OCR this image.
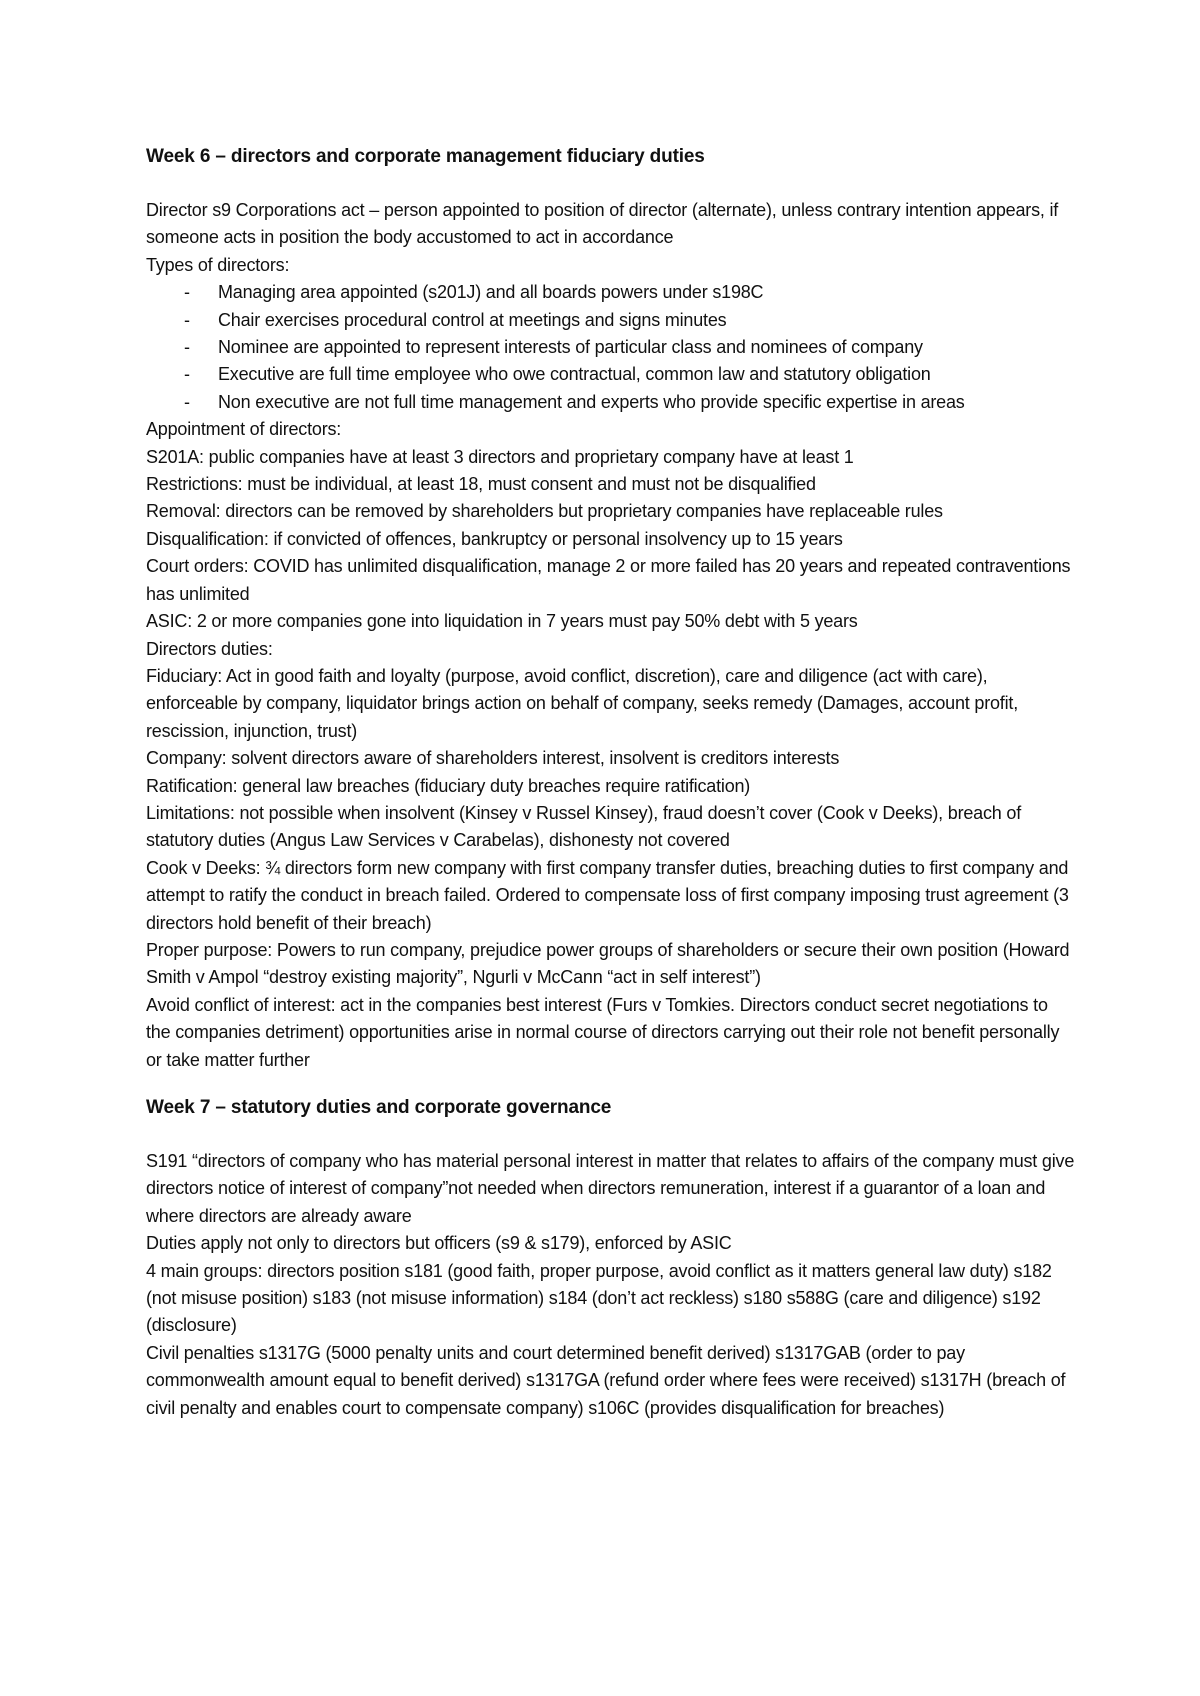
Week 6 – directors and corporate management fiduciary duties

Director s9 Corporations act – person appointed to position of director (alternate), unless contrary intention appears, if someone acts in position the body accustomed to act in accordance

Types of directors:

- Managing area appointed (s201J) and all boards powers under s198C
- Chair exercises procedural control at meetings and signs minutes
- Nominee are appointed to represent interests of particular class and nominees of company
- Executive are full time employee who owe contractual, common law and statutory obligation
- Non executive are not full time management and experts who provide specific expertise in areas

Appointment of directors:

S201A: public companies have at least 3 directors and proprietary company have at least 1

Restrictions: must be individual, at least 18, must consent and must not be disqualified

Removal: directors can be removed by shareholders but proprietary companies have replaceable rules

Disqualification: if convicted of offences, bankruptcy or personal insolvency up to 15 years

Court orders: COVID has unlimited disqualification, manage 2 or more failed has 20 years and repeated contraventions has unlimited

ASIC: 2 or more companies gone into liquidation in 7 years must pay 50% debt with 5 years

Directors duties:

Fiduciary: Act in good faith and loyalty (purpose, avoid conflict, discretion), care and diligence (act with care), enforceable by company, liquidator brings action on behalf of company, seeks remedy (Damages, account profit, rescission, injunction, trust)

Company: solvent directors aware of shareholders interest, insolvent is creditors interests

Ratification: general law breaches (fiduciary duty breaches require ratification)

Limitations: not possible when insolvent (Kinsey v Russel Kinsey), fraud doesn’t cover (Cook v Deeks), breach of statutory duties (Angus Law Services v Carabelas), dishonesty not covered

Cook v Deeks: ¾ directors form new company with first company transfer duties, breaching duties to first company and attempt to ratify the conduct in breach failed. Ordered to compensate loss of first company imposing trust agreement (3 directors hold benefit of their breach)

Proper purpose: Powers to run company, prejudice power groups of shareholders or secure their own position (Howard Smith v Ampol “destroy existing majority”, Ngurli v McCann “act in self interest”)

Avoid conflict of interest: act in the companies best interest (Furs v Tomkies. Directors conduct secret negotiations to the companies detriment) opportunities arise in normal course of directors carrying out their role not benefit personally or take matter further

Week 7 – statutory duties and corporate governance

S191 “directors of company who has material personal interest in matter that relates to affairs of the company must give directors notice of interest of company”not needed when directors remuneration, interest if a guarantor of a loan and where directors are already aware

Duties apply not only to directors but officers (s9 & s179), enforced by ASIC

4 main groups: directors position s181 (good faith, proper purpose, avoid conflict as it matters general law duty) s182 (not misuse position) s183 (not misuse information) s184 (don’t act reckless) s180 s588G (care and diligence) s192 (disclosure)

Civil penalties s1317G (5000 penalty units and court determined benefit derived) s1317GAB (order to pay commonwealth amount equal to benefit derived) s1317GA (refund order where fees were received) s1317H (breach of civil penalty and enables court to compensate company) s106C (provides disqualification for breaches)
